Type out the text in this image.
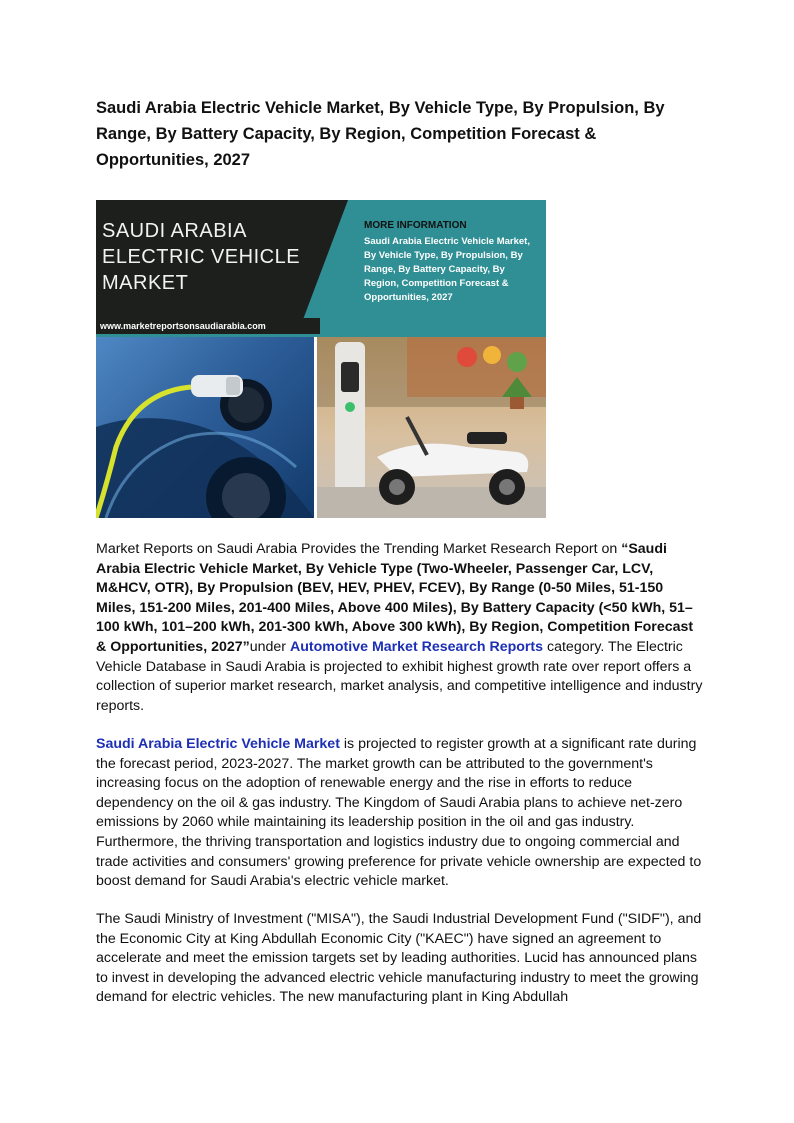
Saudi Arabia Electric Vehicle Market, By Vehicle Type, By Propulsion, By Range, By Battery Capacity, By Region, Competition Forecast & Opportunities, 2027
SAUDI ARABIA
ELECTRIC VEHICLE
MARKET
www.marketreportsonsaudiarabia.com
MORE INFORMATION
Saudi Arabia Electric Vehicle Market, By Vehicle Type, By Propulsion, By Range, By Battery Capacity, By Region, Competition Forecast & Opportunities, 2027

Market Reports on Saudi Arabia Provides the Trending Market Research Report on “Saudi Arabia Electric Vehicle Market, By Vehicle Type (Two-Wheeler, Passenger Car, LCV, M&HCV, OTR), By Propulsion (BEV, HEV, PHEV, FCEV), By Range (0-50 Miles, 51-150 Miles, 151-200 Miles, 201-400 Miles, Above 400 Miles), By Battery Capacity (<50 kWh, 51–100 kWh, 101–200 kWh, 201-300 kWh, Above 300 kWh), By Region, Competition Forecast & Opportunities, 2027”under Automotive Market Research Reports category. The Electric Vehicle Database in Saudi Arabia is projected to exhibit highest growth rate over report offers a collection of superior market research, market analysis, and competitive intelligence and industry reports.

Saudi Arabia Electric Vehicle Market is projected to register growth at a significant rate during the forecast period, 2023-2027. The market growth can be attributed to the government's increasing focus on the adoption of renewable energy and the rise in efforts to reduce dependency on the oil & gas industry. The Kingdom of Saudi Arabia plans to achieve net-zero emissions by 2060 while maintaining its leadership position in the oil and gas industry. Furthermore, the thriving transportation and logistics industry due to ongoing commercial and trade activities and consumers' growing preference for private vehicle ownership are expected to boost demand for Saudi Arabia's electric vehicle market.

The Saudi Ministry of Investment ("MISA"), the Saudi Industrial Development Fund ("SIDF"), and the Economic City at King Abdullah Economic City ("KAEC") have signed an agreement to accelerate and meet the emission targets set by leading authorities. Lucid has announced plans to invest in developing the advanced electric vehicle manufacturing industry to meet the growing demand for electric vehicles. The new manufacturing plant in King Abdullah
